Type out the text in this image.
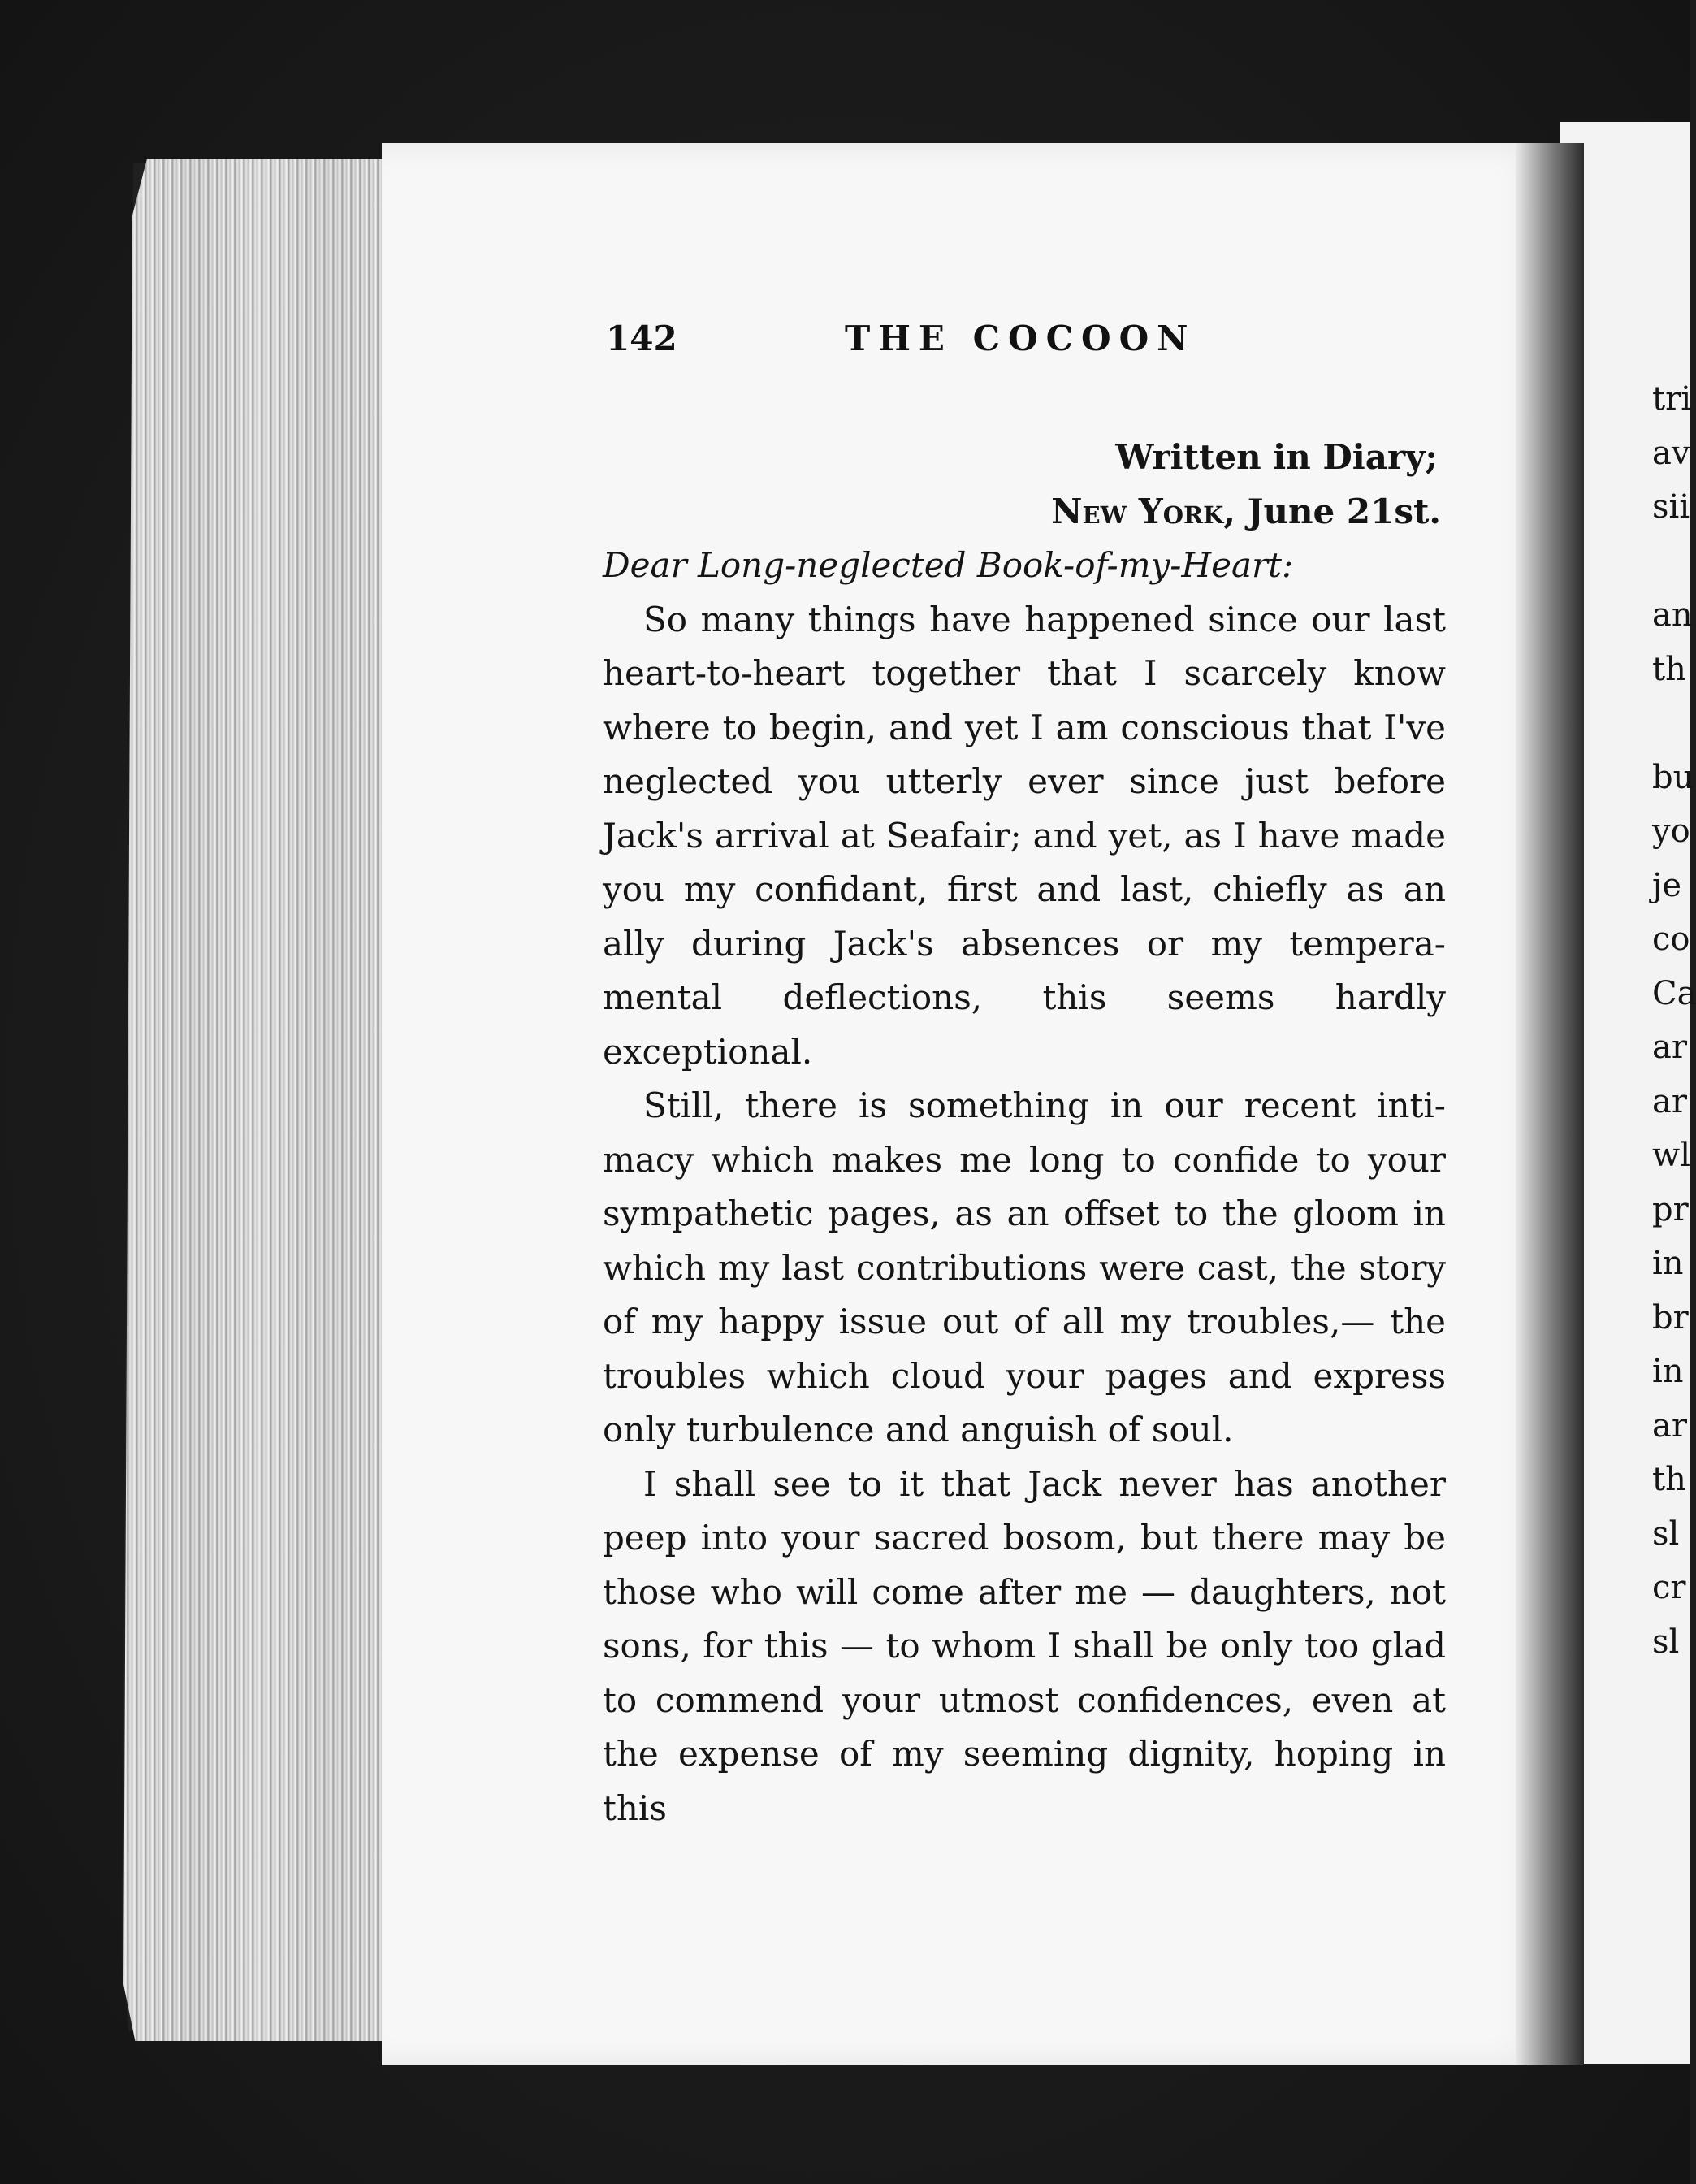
142	THE COCOON
Written in Diary;
New York, June 21st.
Dear Long-neglected Book-of-my-Heart:

So many things have happened since our last heart-to-heart together that I scarcely know where to begin, and yet I am conscious that I've neglected you utterly ever since just before Jack's arrival at Seafair; and yet, as I have made you my confidant, first and last, chiefly as an ally during Jack's absences or my tempera-mental deflections, this seems hardly exceptional.

Still, there is something in our recent inti-macy which makes me long to confide to your sympathetic pages, as an offset to the gloom in which my last contributions were cast, the story of my happy issue out of all my troubles,— the troubles which cloud your pages and express only turbulence and anguish of soul.

I shall see to it that Jack never has another peep into your sacred bosom, but there may be those who will come after me — daughters, not sons, for this — to whom I shall be only too glad to commend your utmost confidences, even at the expense of my seeming dignity, hoping in this

tri
av
sii
an
th
bu
yo
je
co
Ca
ar
ar
wl
pr
in
br
in
ar
th
sl
cr
sl
